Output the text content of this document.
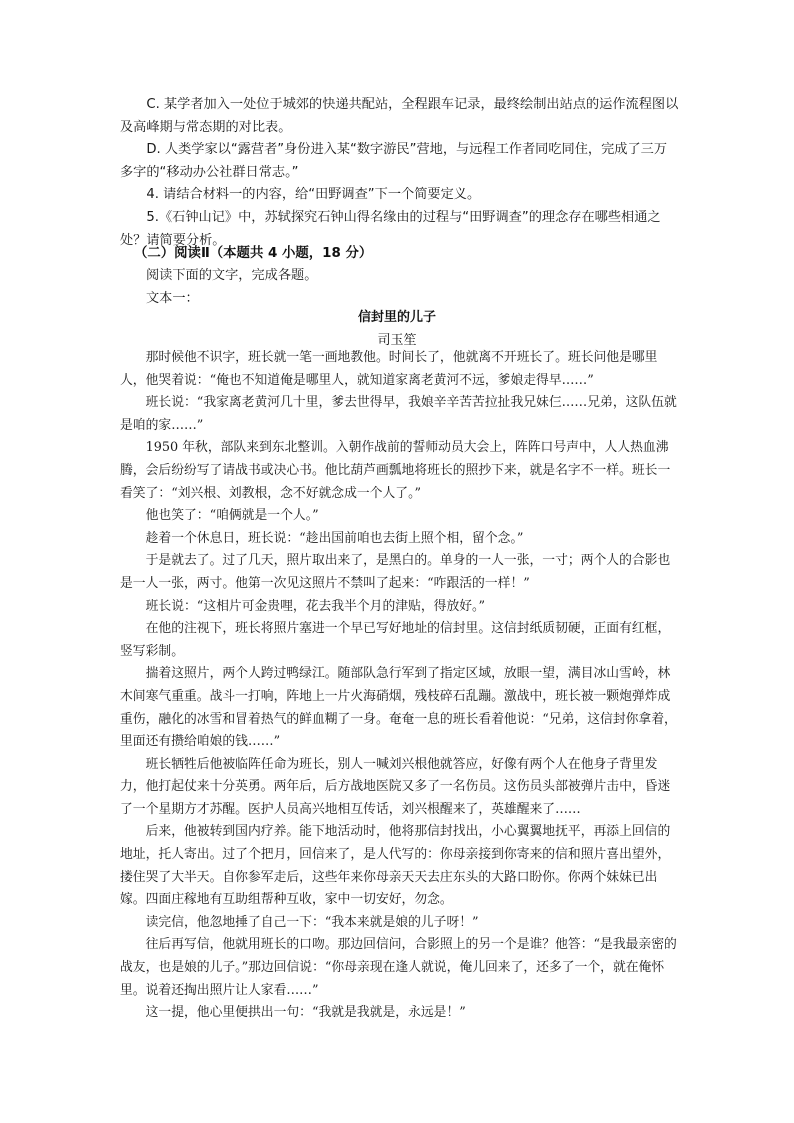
C. 某学者加入一处位于城郊的快递共配站，全程跟车记录，最终绘制出站点的运作流程图以及高峰期与常态期的对比表。

D. 人类学家以“露营者”身份进入某“数字游民”营地，与远程工作者同吃同住，完成了三万多字的“移动办公社群日常志。”

4. 请结合材料一的内容，给“田野调查”下一个简要定义。

5.《石钟山记》中，苏轼探究石钟山得名缘由的过程与“田野调查”的理念存在哪些相通之处？请简要分析。

（二）阅读Ⅱ（本题共 4 小题，18 分）
阅读下面的文字，完成各题。
文本一：
信封里的儿子
司玉笙

那时候他不识字，班长就一笔一画地教他。时间长了，他就离不开班长了。班长问他是哪里人，他哭着说：“俺也不知道俺是哪里人，就知道家离老黄河不远，爹娘走得早……”

班长说：“我家离老黄河几十里，爹去世得早，我娘辛辛苦苦拉扯我兄妹仨……兄弟，这队伍就是咱的家……”

1950 年秋，部队来到东北整训。入朝作战前的誓师动员大会上，阵阵口号声中，人人热血沸腾，会后纷纷写了请战书或决心书。他比葫芦画瓢地将班长的照抄下来，就是名字不一样。班长一看笑了：“刘兴根、刘教根，念不好就念成一个人了。”

他也笑了：“咱俩就是一个人。”

趁着一个休息日，班长说：“趁出国前咱也去街上照个相，留个念。”

于是就去了。过了几天，照片取出来了，是黑白的。单身的一人一张，一寸；两个人的合影也是一人一张，两寸。他第一次见这照片不禁叫了起来：“咋跟活的一样！”

班长说：“这相片可金贵哩，花去我半个月的津贴，得放好。”

在他的注视下，班长将照片塞进一个早已写好地址的信封里。这信封纸质韧硬，正面有红框，竖写彩制。

揣着这照片，两个人跨过鸭绿江。随部队急行军到了指定区域，放眼一望，满目冰山雪岭，林木间寒气重重。战斗一打响，阵地上一片火海硝烟，残枝碎石乱蹦。激战中，班长被一颗炮弹炸成重伤，融化的冰雪和冒着热气的鲜血糊了一身。奄奄一息的班长看着他说：“兄弟，这信封你拿着，里面还有攒给咱娘的钱……”

班长牺牲后他被临阵任命为班长，别人一喊刘兴根他就答应，好像有两个人在他身子背里发力，他打起仗来十分英勇。两年后，后方战地医院又多了一名伤员。这伤员头部被弹片击中，昏迷了一个星期方才苏醒。医护人员高兴地相互传话，刘兴根醒来了，英雄醒来了……

后来，他被转到国内疗养。能下地活动时，他将那信封找出，小心翼翼地抚平，再添上回信的地址，托人寄出。过了个把月，回信来了，是人代写的：你母亲接到你寄来的信和照片喜出望外，搂住哭了大半天。自你参军走后，这些年来你母亲天天去庄东头的大路口盼你。你两个妹妹已出嫁。四面庄稼地有互助组帮种互收，家中一切安好，勿念。

读完信，他忽地捶了自己一下：“我本来就是娘的儿子呀！”

往后再写信，他就用班长的口吻。那边回信问，合影照上的另一个是谁？他答：“是我最亲密的战友，也是娘的儿子。”那边回信说：“你母亲现在逢人就说，俺儿回来了，还多了一个，就在俺怀里。说着还掏出照片让人家看……”

这一提，他心里便拱出一句：“我就是我就是，永远是！”
